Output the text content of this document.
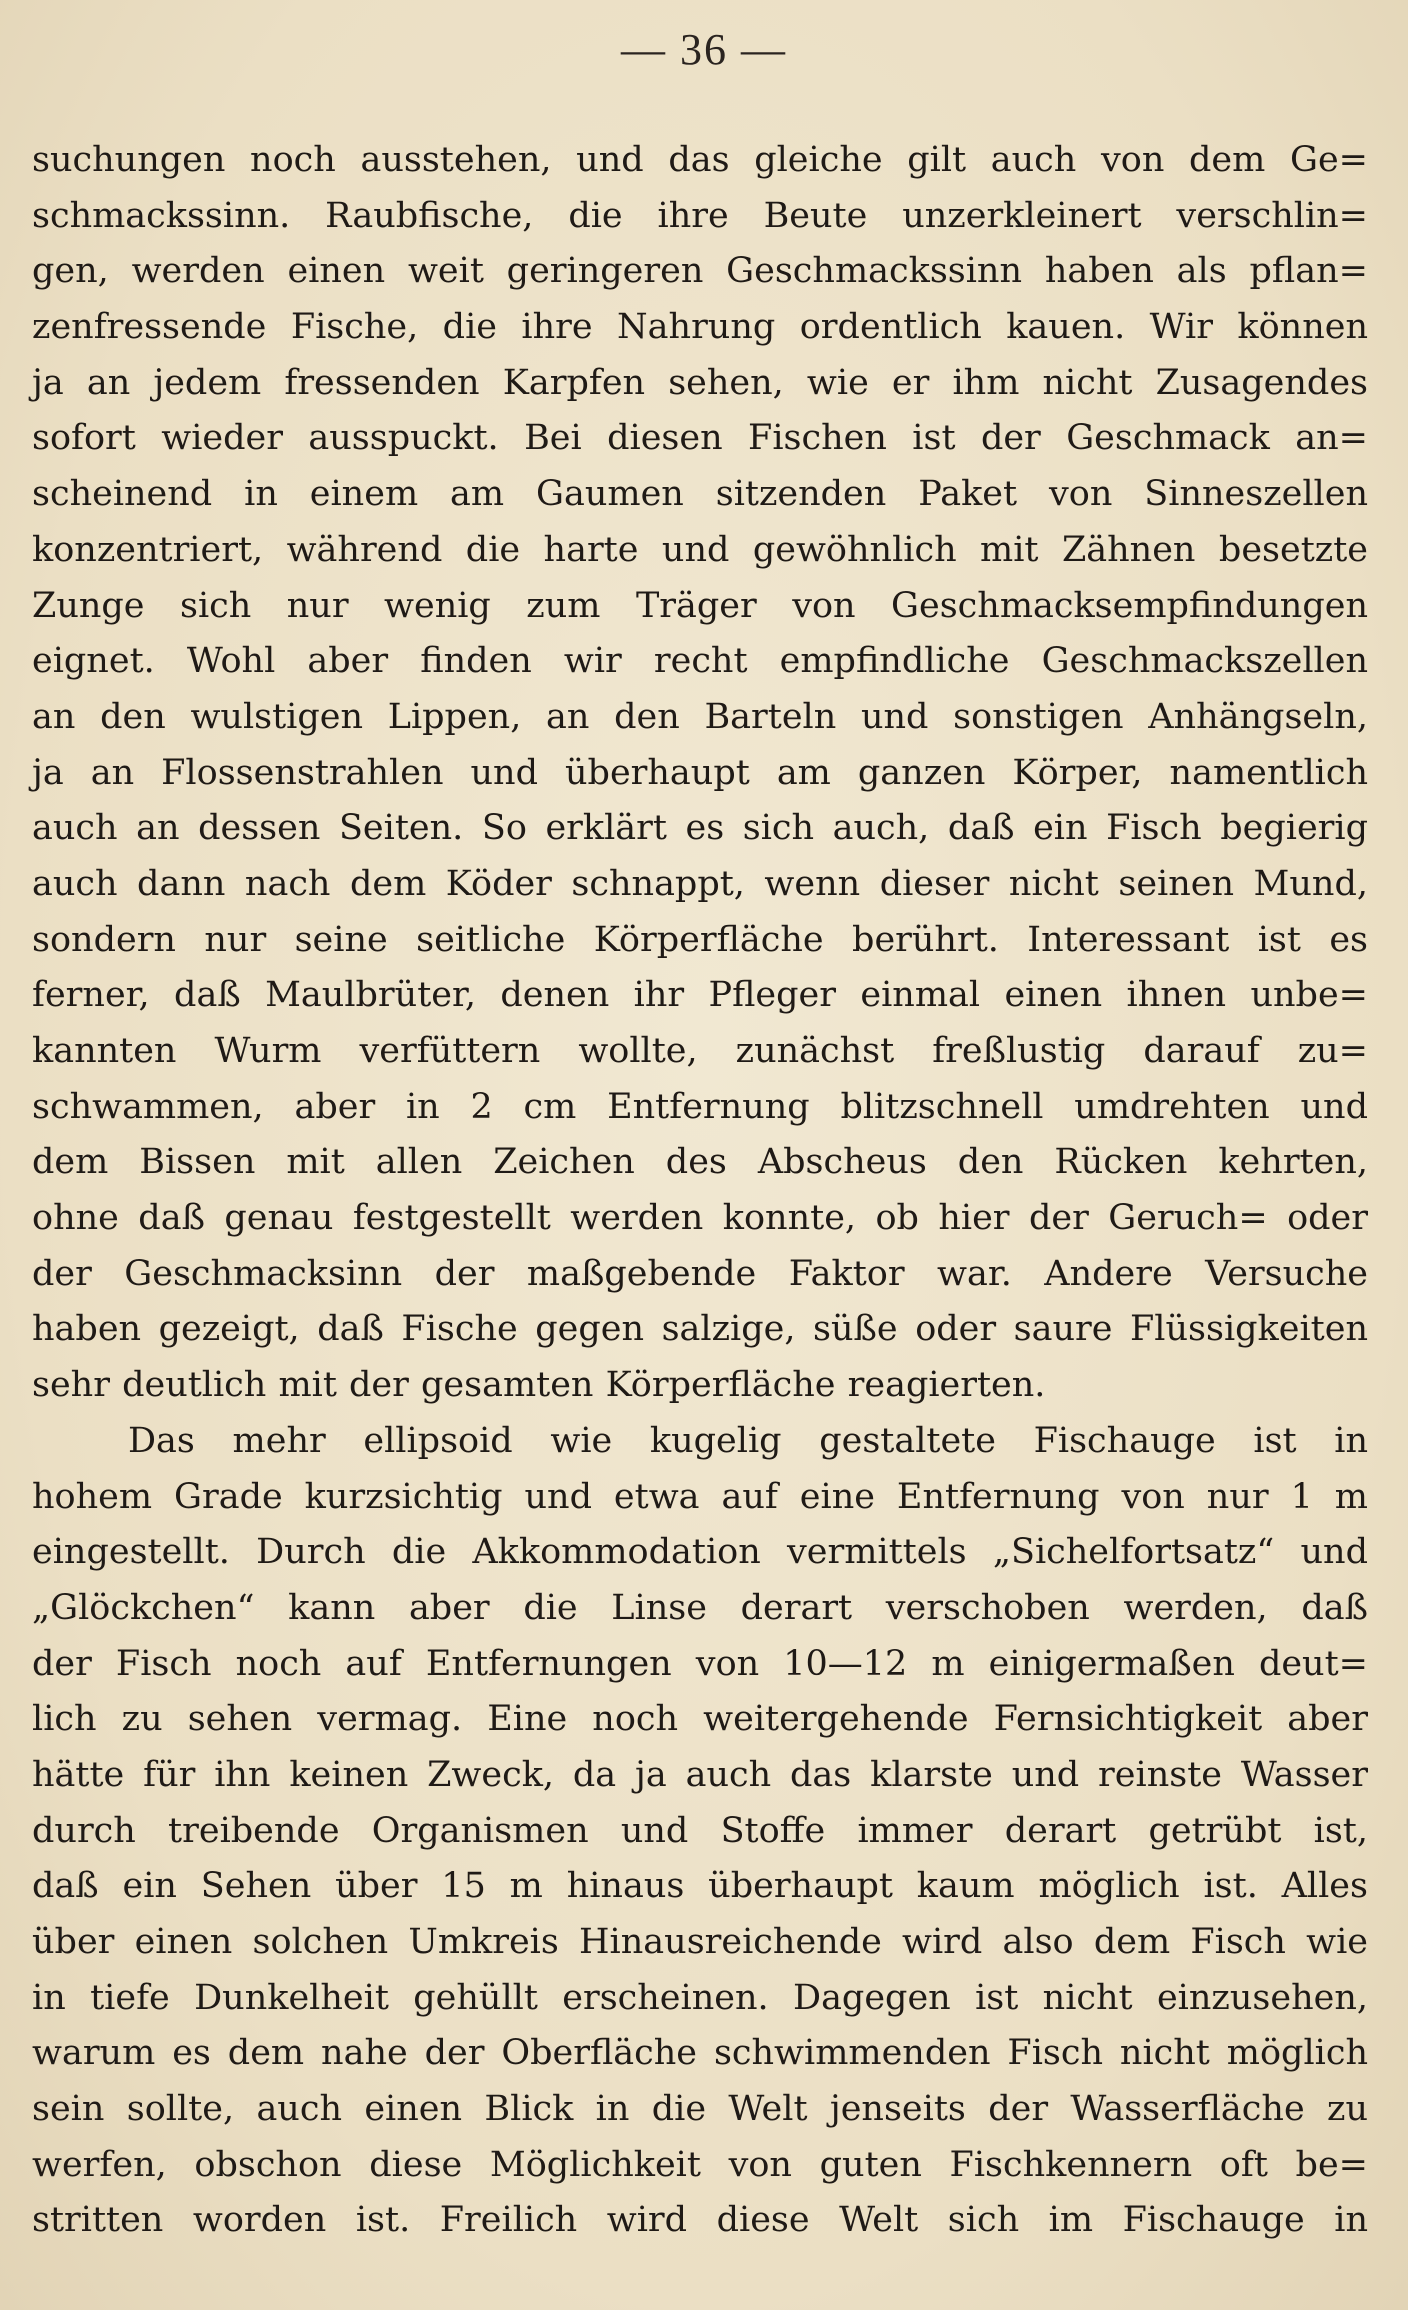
— 36 —
suchungen noch ausstehen, und das gleiche gilt auch von dem Ge=
schmackssinn. Raubfische, die ihre Beute unzerkleinert verschlin=
gen, werden einen weit geringeren Geschmackssinn haben als pflan=
zenfressende Fische, die ihre Nahrung ordentlich kauen. Wir können
ja an jedem fressenden Karpfen sehen, wie er ihm nicht Zusagendes
sofort wieder ausspuckt. Bei diesen Fischen ist der Geschmack an=
scheinend in einem am Gaumen sitzenden Paket von Sinneszellen
konzentriert, während die harte und gewöhnlich mit Zähnen besetzte
Zunge sich nur wenig zum Träger von Geschmacksempfindungen
eignet. Wohl aber finden wir recht empfindliche Geschmackszellen
an den wulstigen Lippen, an den Barteln und sonstigen Anhängseln,
ja an Flossenstrahlen und überhaupt am ganzen Körper, namentlich
auch an dessen Seiten. So erklärt es sich auch, daß ein Fisch begierig
auch dann nach dem Köder schnappt, wenn dieser nicht seinen Mund,
sondern nur seine seitliche Körperfläche berührt. Interessant ist es
ferner, daß Maulbrüter, denen ihr Pfleger einmal einen ihnen unbe=
kannten Wurm verfüttern wollte, zunächst freßlustig darauf zu=
schwammen, aber in 2 cm Entfernung blitzschnell umdrehten und
dem Bissen mit allen Zeichen des Abscheus den Rücken kehrten,
ohne daß genau festgestellt werden konnte, ob hier der Geruch= oder
der Geschmacksinn der maßgebende Faktor war. Andere Versuche
haben gezeigt, daß Fische gegen salzige, süße oder saure Flüssigkeiten
sehr deutlich mit der gesamten Körperfläche reagierten.
Das mehr ellipsoid wie kugelig gestaltete Fischauge ist in
hohem Grade kurzsichtig und etwa auf eine Entfernung von nur 1 m
eingestellt. Durch die Akkommodation vermittels „Sichelfortsatz“ und
„Glöckchen“ kann aber die Linse derart verschoben werden, daß
der Fisch noch auf Entfernungen von 10—12 m einigermaßen deut=
lich zu sehen vermag. Eine noch weitergehende Fernsichtigkeit aber
hätte für ihn keinen Zweck, da ja auch das klarste und reinste Wasser
durch treibende Organismen und Stoffe immer derart getrübt ist,
daß ein Sehen über 15 m hinaus überhaupt kaum möglich ist. Alles
über einen solchen Umkreis Hinausreichende wird also dem Fisch wie
in tiefe Dunkelheit gehüllt erscheinen. Dagegen ist nicht einzusehen,
warum es dem nahe der Oberfläche schwimmenden Fisch nicht möglich
sein sollte, auch einen Blick in die Welt jenseits der Wasserfläche zu
werfen, obschon diese Möglichkeit von guten Fischkennern oft be=
stritten worden ist. Freilich wird diese Welt sich im Fischauge in
